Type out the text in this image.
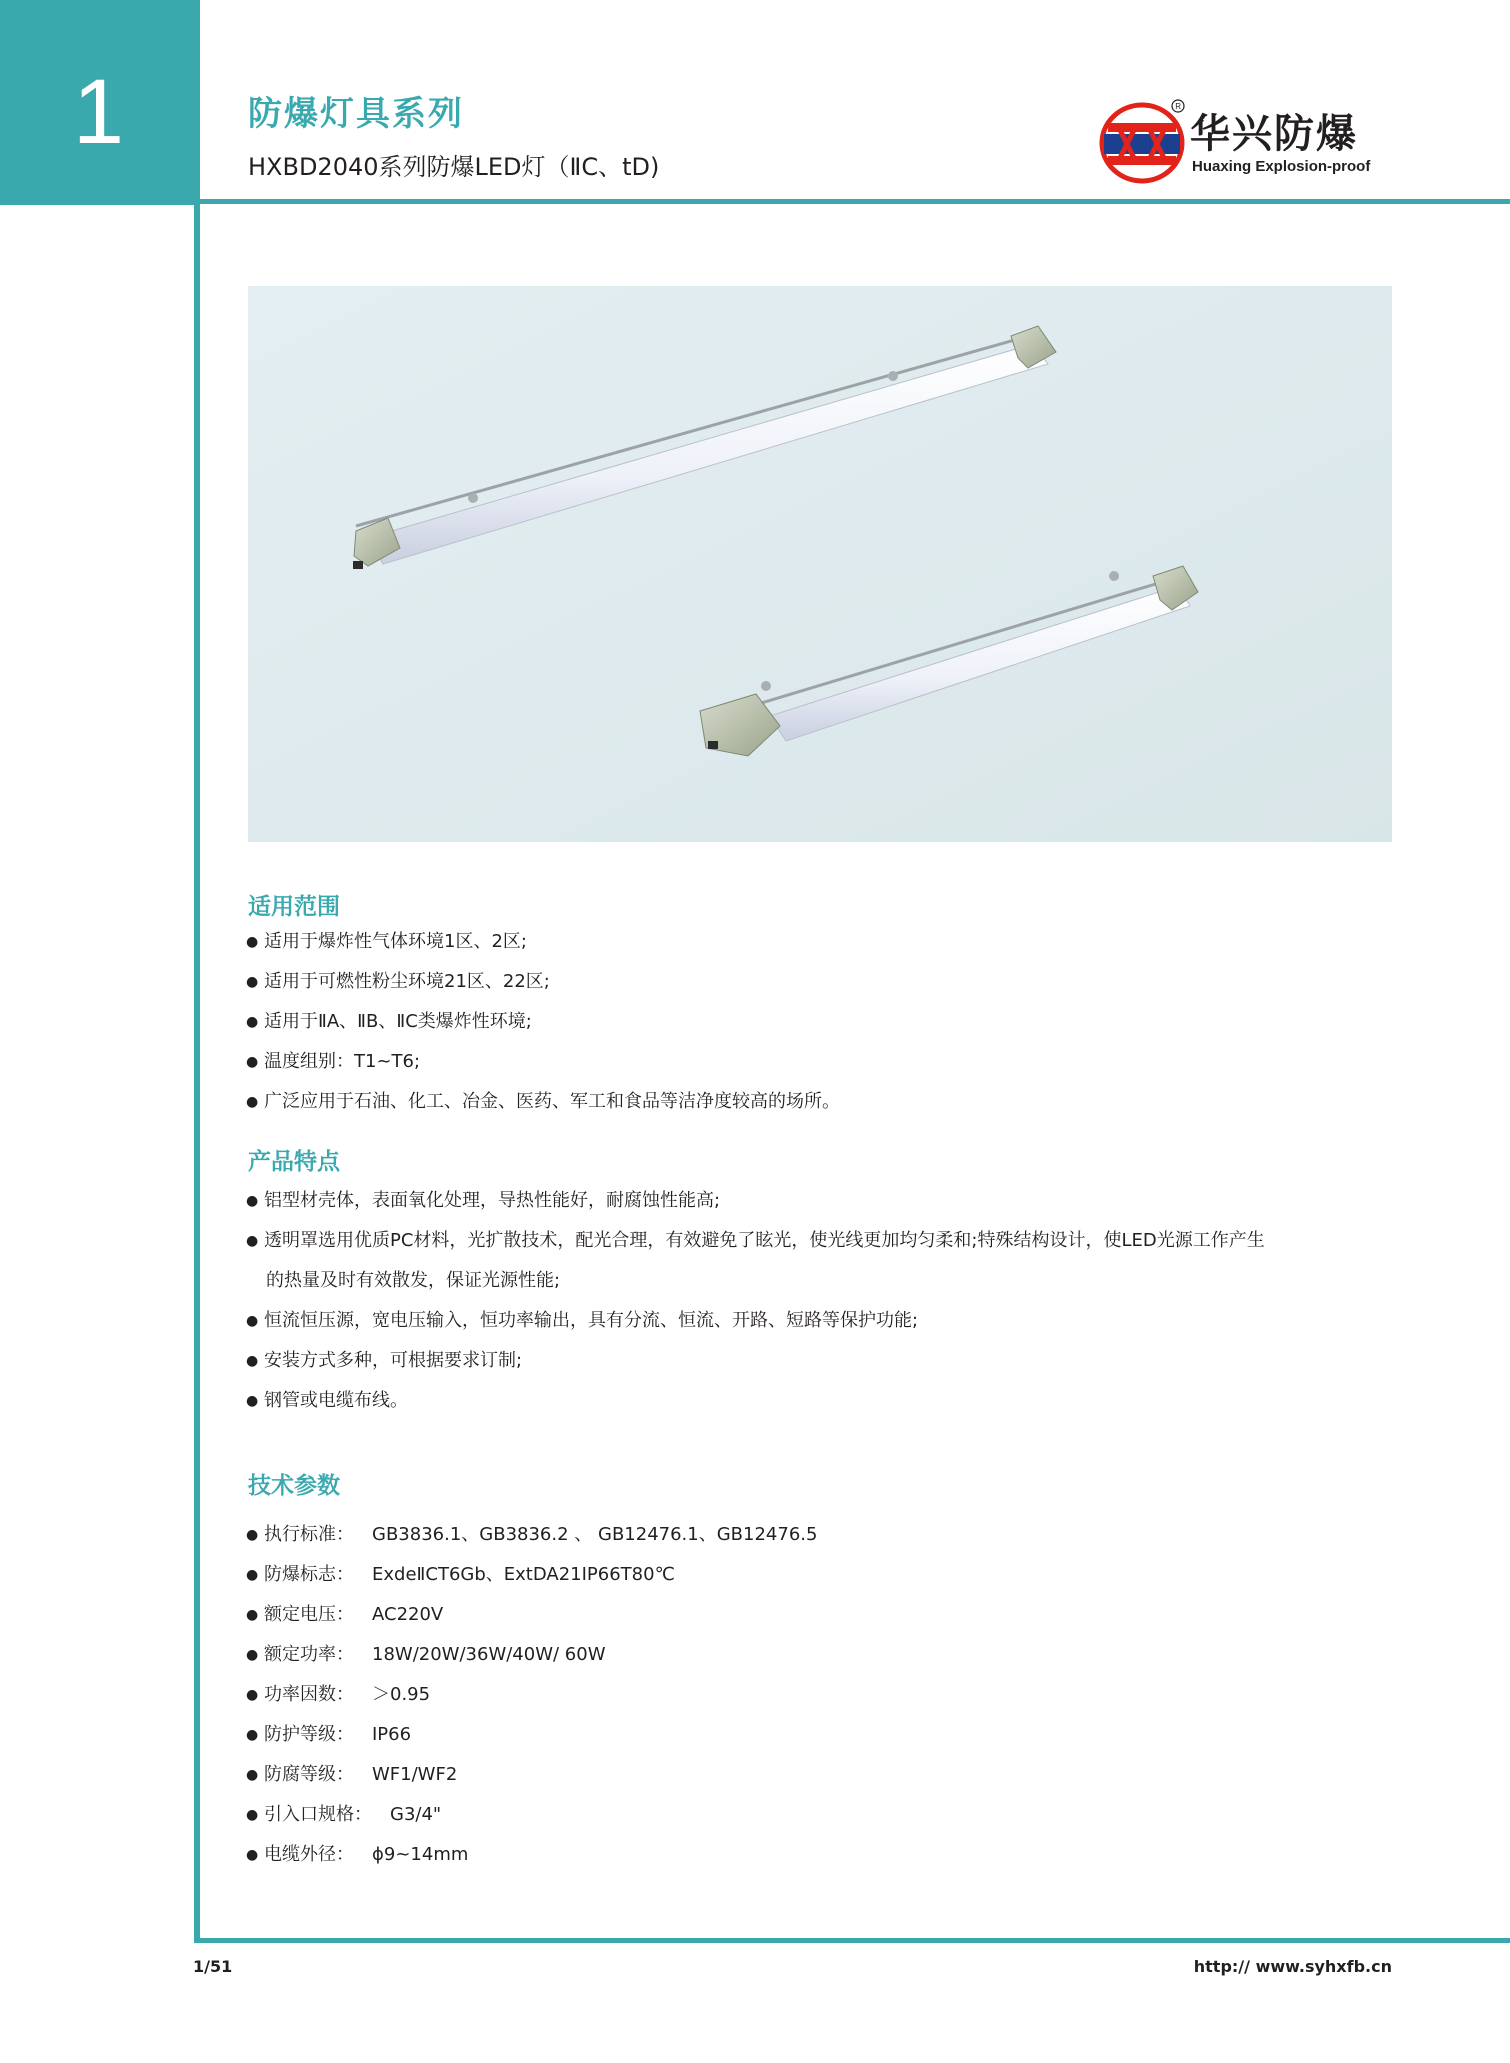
1	防爆灯具系列
HXBD2040系列防爆LED灯（ⅡC、tD)
R
华兴防爆
Huaxing Explosion-proof
适用范围
● 适用于爆炸性气体环境1区、2区;
● 适用于可燃性粉尘环境21区、22区;
● 适用于ⅡA、ⅡB、ⅡC类爆炸性环境;
● 温度组别：T1~T6;
● 广泛应用于石油、化工、冶金、医药、军工和食品等洁净度较高的场所。
产品特点
● 铝型材壳体，表面氧化处理，导热性能好，耐腐蚀性能高;
● 透明罩选用优质PC材料，光扩散技术，配光合理，有效避免了眩光，使光线更加均匀柔和;特殊结构设计，使LED光源工作产生
的热量及时有效散发，保证光源性能;
● 恒流恒压源，宽电压输入，恒功率输出，具有分流、恒流、开路、短路等保护功能;
● 安装方式多种，可根据要求订制;
● 钢管或电缆布线。
技术参数
● 执行标准： GB3836.1、GB3836.2 、 GB12476.1、GB12476.5
● 防爆标志： ExdeⅡCT6Gb、ExtDA21IP66T80℃
● 额定电压： AC220V
● 额定功率： 18W/20W/36W/40W/ 60W
● 功率因数： ＞0.95
● 防护等级： IP66
● 防腐等级： WF1/WF2
● 引入口规格： G3/4"
● 电缆外径： ϕ9~14mm
1/51	http:// www.syhxfb.cn
